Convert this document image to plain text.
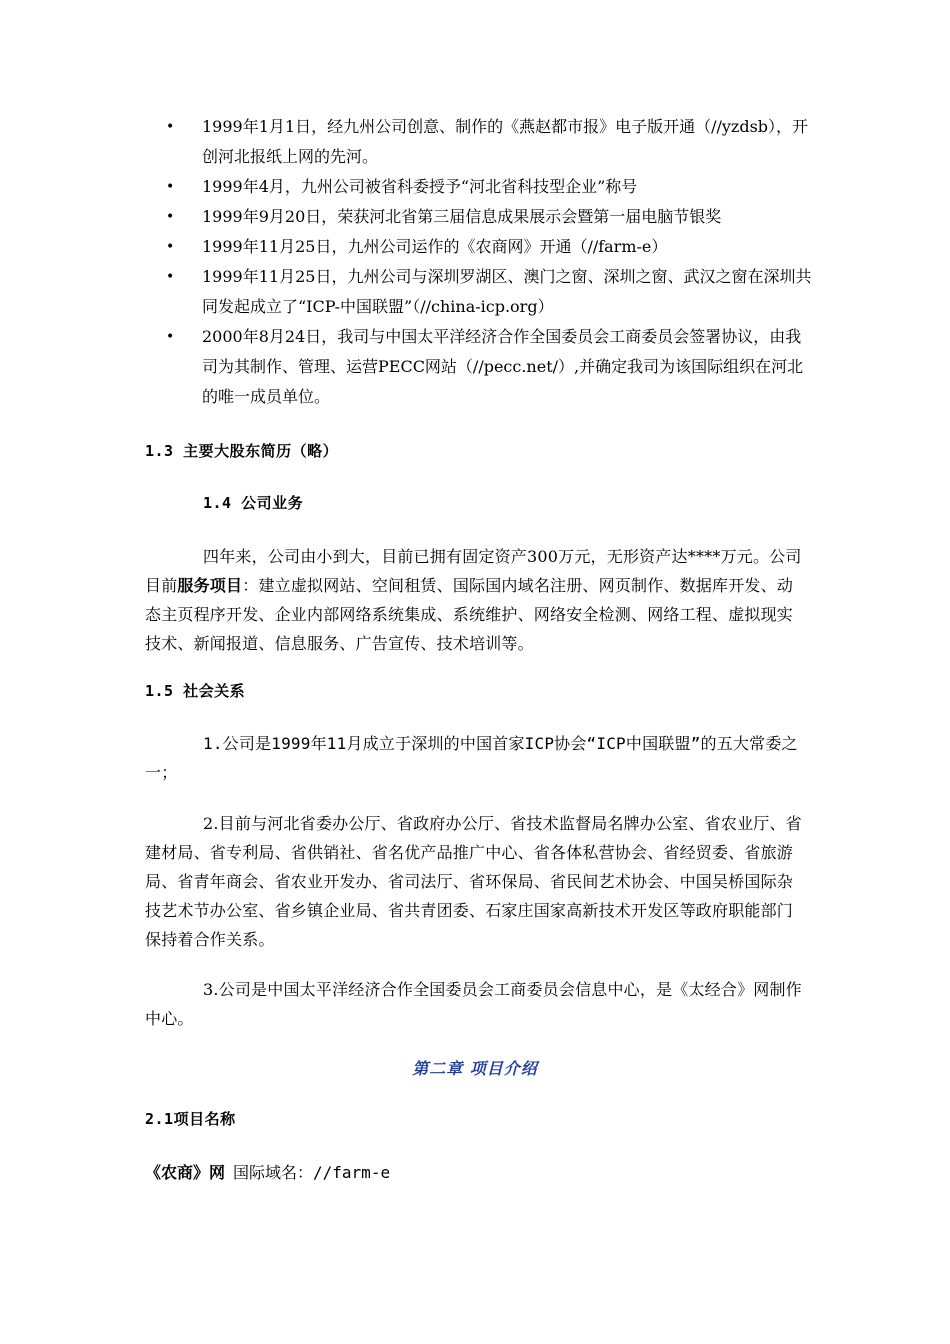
• 1999年1月1日，经九州公司创意、制作的《燕赵都市报》电子版开通（//yzdsb），开创河北报纸上网的先河。
• 1999年4月，九州公司被省科委授予“河北省科技型企业”称号
• 1999年9月20日，荣获河北省第三届信息成果展示会暨第一届电脑节银奖
• 1999年11月25日，九州公司运作的《农商网》开通（//farm-e）
• 1999年11月25日，九州公司与深圳罗湖区、澳门之窗、深圳之窗、武汉之窗在深圳共同发起成立了“ICP-中国联盟”（//china-icp.org）
• 2000年8月24日，我司与中国太平洋经济合作全国委员会工商委员会签署协议，由我司为其制作、管理、运营PECC网站（//pecc.net/）,并确定我司为该国际组织在河北的唯一成员单位。
1.3 主要大股东简历（略）
1.4 公司业务
四年来，公司由小到大，目前已拥有固定资产300万元，无形资产达****万元。公司目前服务项目：建立虚拟网站、空间租赁、国际国内域名注册、网页制作、数据库开发、动态主页程序开发、企业内部网络系统集成、系统维护、网络安全检测、网络工程、虚拟现实技术、新闻报道、信息服务、广告宣传、技术培训等。
1.5 社会关系
1.公司是1999年11月成立于深圳的中国首家ICP协会“ICP中国联盟”的五大常委之一；
2.目前与河北省委办公厅、省政府办公厅、省技术监督局名牌办公室、省农业厅、省建材局、省专利局、省供销社、省名优产品推广中心、省各体私营协会、省经贸委、省旅游局、省青年商会、省农业开发办、省司法厅、省环保局、省民间艺术协会、中国吴桥国际杂技艺术节办公室、省乡镇企业局、省共青团委、石家庄国家高新技术开发区等政府职能部门保持着合作关系。
3.公司是中国太平洋经济合作全国委员会工商委员会信息中心，是《太经合》网制作中心。
第二章 项目介绍
2.1项目名称
《农商》网 国际域名：//farm-e
